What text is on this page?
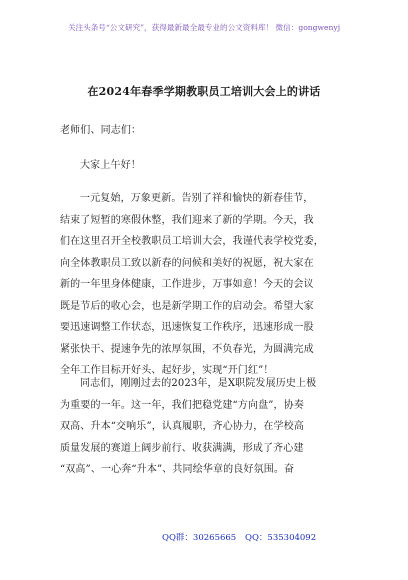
关注头条号“公文研究”，获得最新最全最专业的公文资料库！ 微信：gongwenyj
在2024年春季学期教职员工培训大会上的讲话
老师们、同志们：
大家上午好！
一元复始，万象更新。告别了祥和愉快的新春佳节，
结束了短暂的寒假休整，我们迎来了新的学期。今天，我
们在这里召开全校教职员工培训大会，我谨代表学校党委，
向全体教职员工致以新春的问候和美好的祝愿，祝大家在
新的一年里身体健康，工作进步，万事如意！今天的会议
既是节后的收心会，也是新学期工作的启动会。希望大家
要迅速调整工作状态，迅速恢复工作秩序，迅速形成一股
紧张快干、提速争先的浓厚氛围，不负春光，为圆满完成
全年工作目标开好头、起好步，实现“开门红”！
同志们，刚刚过去的2023年，是X职院发展历史上极
为重要的一年。这一年，我们把稳党建“方向盘”，协奏
双高、升本“交响乐”，认真履职，齐心协力，在学校高
质量发展的赛道上阔步前行、收获满满，形成了齐心建
“双高”、一心奔“升本”、共同绘华章的良好氛围。奋
QQ群：30265665 QQ：535304092
